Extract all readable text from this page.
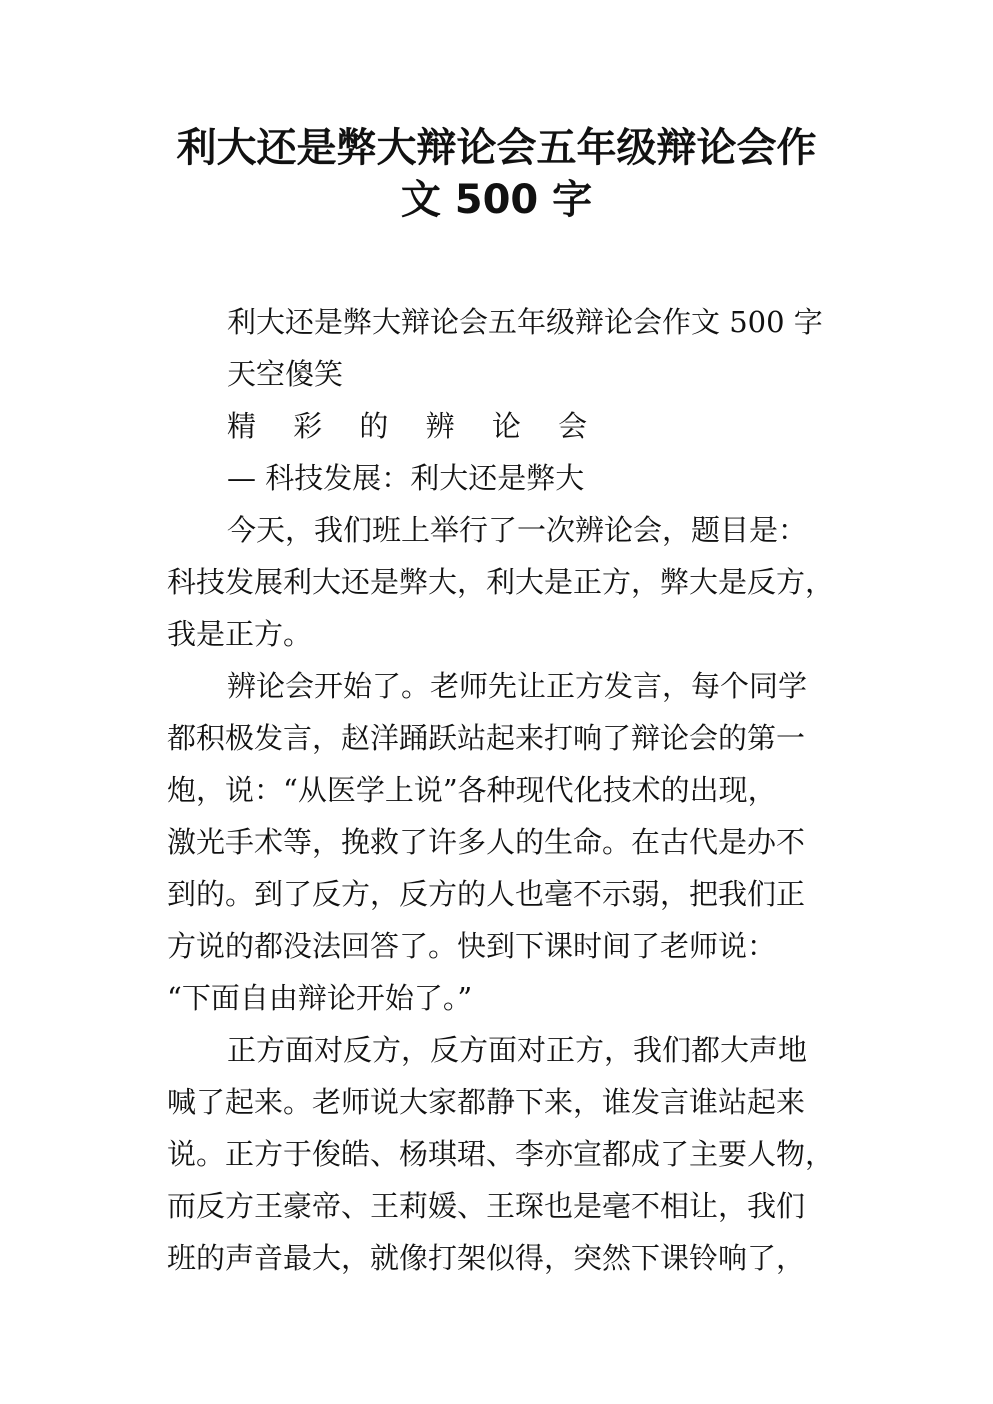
利大还是弊大辩论会五年级辩论会作
文 500 字
利大还是弊大辩论会五年级辩论会作文 500 字
天空傻笑
精 彩 的 辨 论 会
— 科技发展：利大还是弊大
今天，我们班上举行了一次辨论会，题目是：
科技发展利大还是弊大，利大是正方，弊大是反方，
我是正方。
辨论会开始了。老师先让正方发言，每个同学
都积极发言，赵洋踊跃站起来打响了辩论会的第一
炮，说：“从医学上说”各种现代化技术的出现，
激光手术等，挽救了许多人的生命。在古代是办不
到的。到了反方，反方的人也毫不示弱，把我们正
方说的都没法回答了。快到下课时间了老师说：
“下面自由辩论开始了。”
正方面对反方，反方面对正方，我们都大声地
喊了起来。老师说大家都静下来，谁发言谁站起来
说。正方于俊皓、杨琪珺、李亦宣都成了主要人物，
而反方王豪帝、王莉媛、王琛也是毫不相让，我们
班的声音最大，就像打架似得，突然下课铃响了，
